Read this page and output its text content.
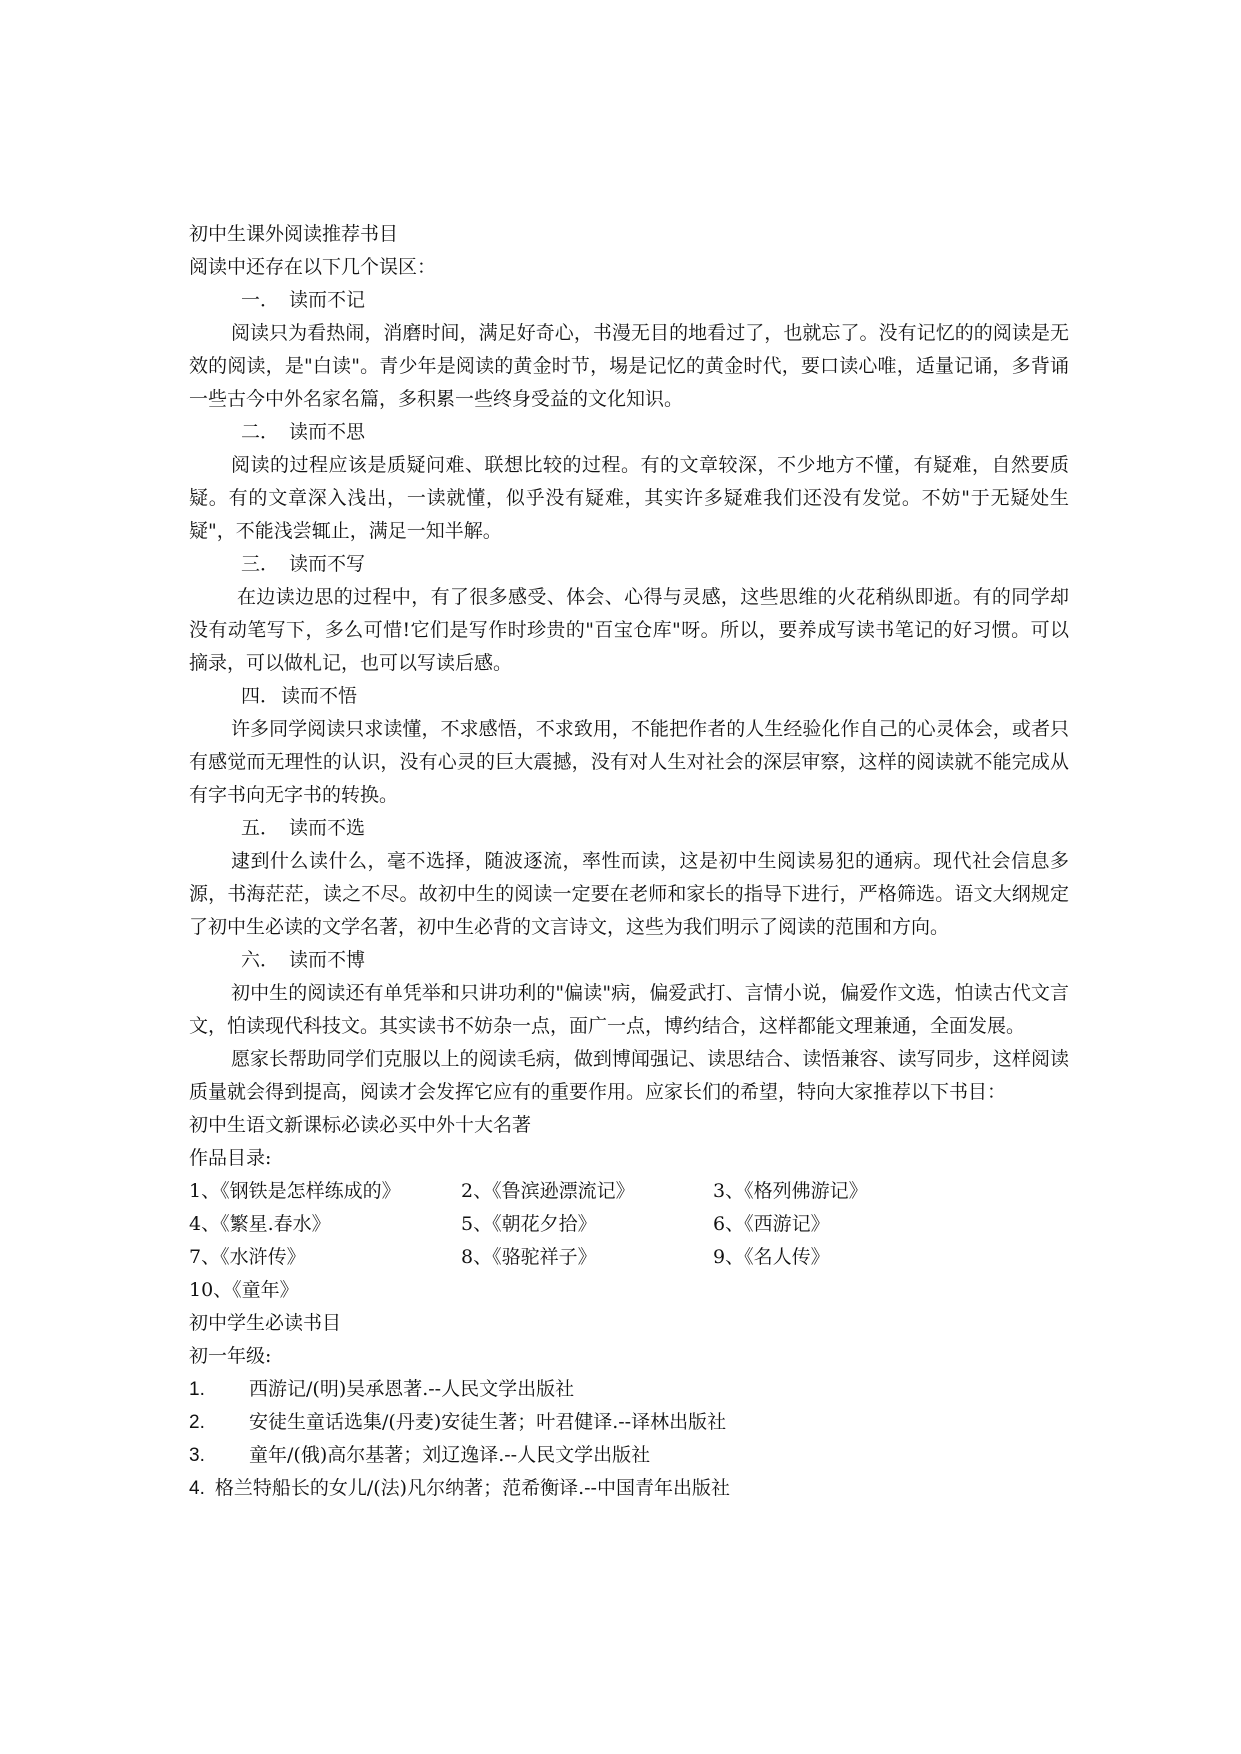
初中生课外阅读推荐书目
阅读中还存在以下几个误区：
一． 读而不记

阅读只为看热闹，消磨时间，满足好奇心，书漫无目的地看过了，也就忘了。没有记忆的的阅读是无效的阅读，是"白读"。青少年是阅读的黄金时节，埸是记忆的黄金时代，要口读心唯，适量记诵，多背诵一些古今中外名家名篇，多积累一些终身受益的文化知识。

二． 读而不思

阅读的过程应该是质疑问难、联想比较的过程。有的文章较深，不少地方不懂，有疑难，自然要质疑。有的文章深入浅出，一读就懂，似乎没有疑难，其实许多疑难我们还没有发觉。不妨"于无疑处生疑"，不能浅尝辄止，满足一知半解。

三． 读而不写

在边读边思的过程中，有了很多感受、体会、心得与灵感，这些思维的火花稍纵即逝。有的同学却没有动笔写下，多么可惜!它们是写作时珍贵的"百宝仓库"呀。所以，要养成写读书笔记的好习惯。可以摘录，可以做札记，也可以写读后感。

四． 读而不悟

许多同学阅读只求读懂，不求感悟，不求致用，不能把作者的人生经验化作自己的心灵体会，或者只有感觉而无理性的认识，没有心灵的巨大震撼，没有对人生对社会的深层审察，这样的阅读就不能完成从有字书向无字书的转换。

五． 读而不选

逮到什么读什么，毫不选择，随波逐流，率性而读，这是初中生阅读易犯的通病。现代社会信息多源，书海茫茫，读之不尽。故初中生的阅读一定要在老师和家长的指导下进行，严格筛选。语文大纲规定了初中生必读的文学名著，初中生必背的文言诗文，这些为我们明示了阅读的范围和方向。

六． 读而不博

初中生的阅读还有单凭举和只讲功利的"偏读"病，偏爱武打、言情小说，偏爱作文选，怕读古代文言文，怕读现代科技文。其实读书不妨杂一点，面广一点，博约结合，这样都能文理兼通，全面发展。

愿家长帮助同学们克服以上的阅读毛病，做到博闻强记、读思结合、读悟兼容、读写同步，这样阅读质量就会得到提高，阅读才会发挥它应有的重要作用。应家长们的希望，特向大家推荐以下书目：

初中生语文新课标必读必买中外十大名著
作品目录:
1、《钢铁是怎样练成的》	2、《鲁滨逊漂流记》	3、《格列佛游记》
4、《繁星.春水》	5、《朝花夕拾》	6、《西游记》
7、《水浒传》	8、《骆驼祥子》	9、《名人传》
10、《童年》
初中学生必读书目
初一年级:
1. 西游记/(明)吴承恩著.--人民文学出版社
2. 安徒生童话选集/(丹麦)安徒生著；叶君健译.--译林出版社
3. 童年/(俄)高尔基著；刘辽逸译.--人民文学出版社
4. 格兰特船长的女儿/(法)凡尔纳著；范希衡译.--中国青年出版社
